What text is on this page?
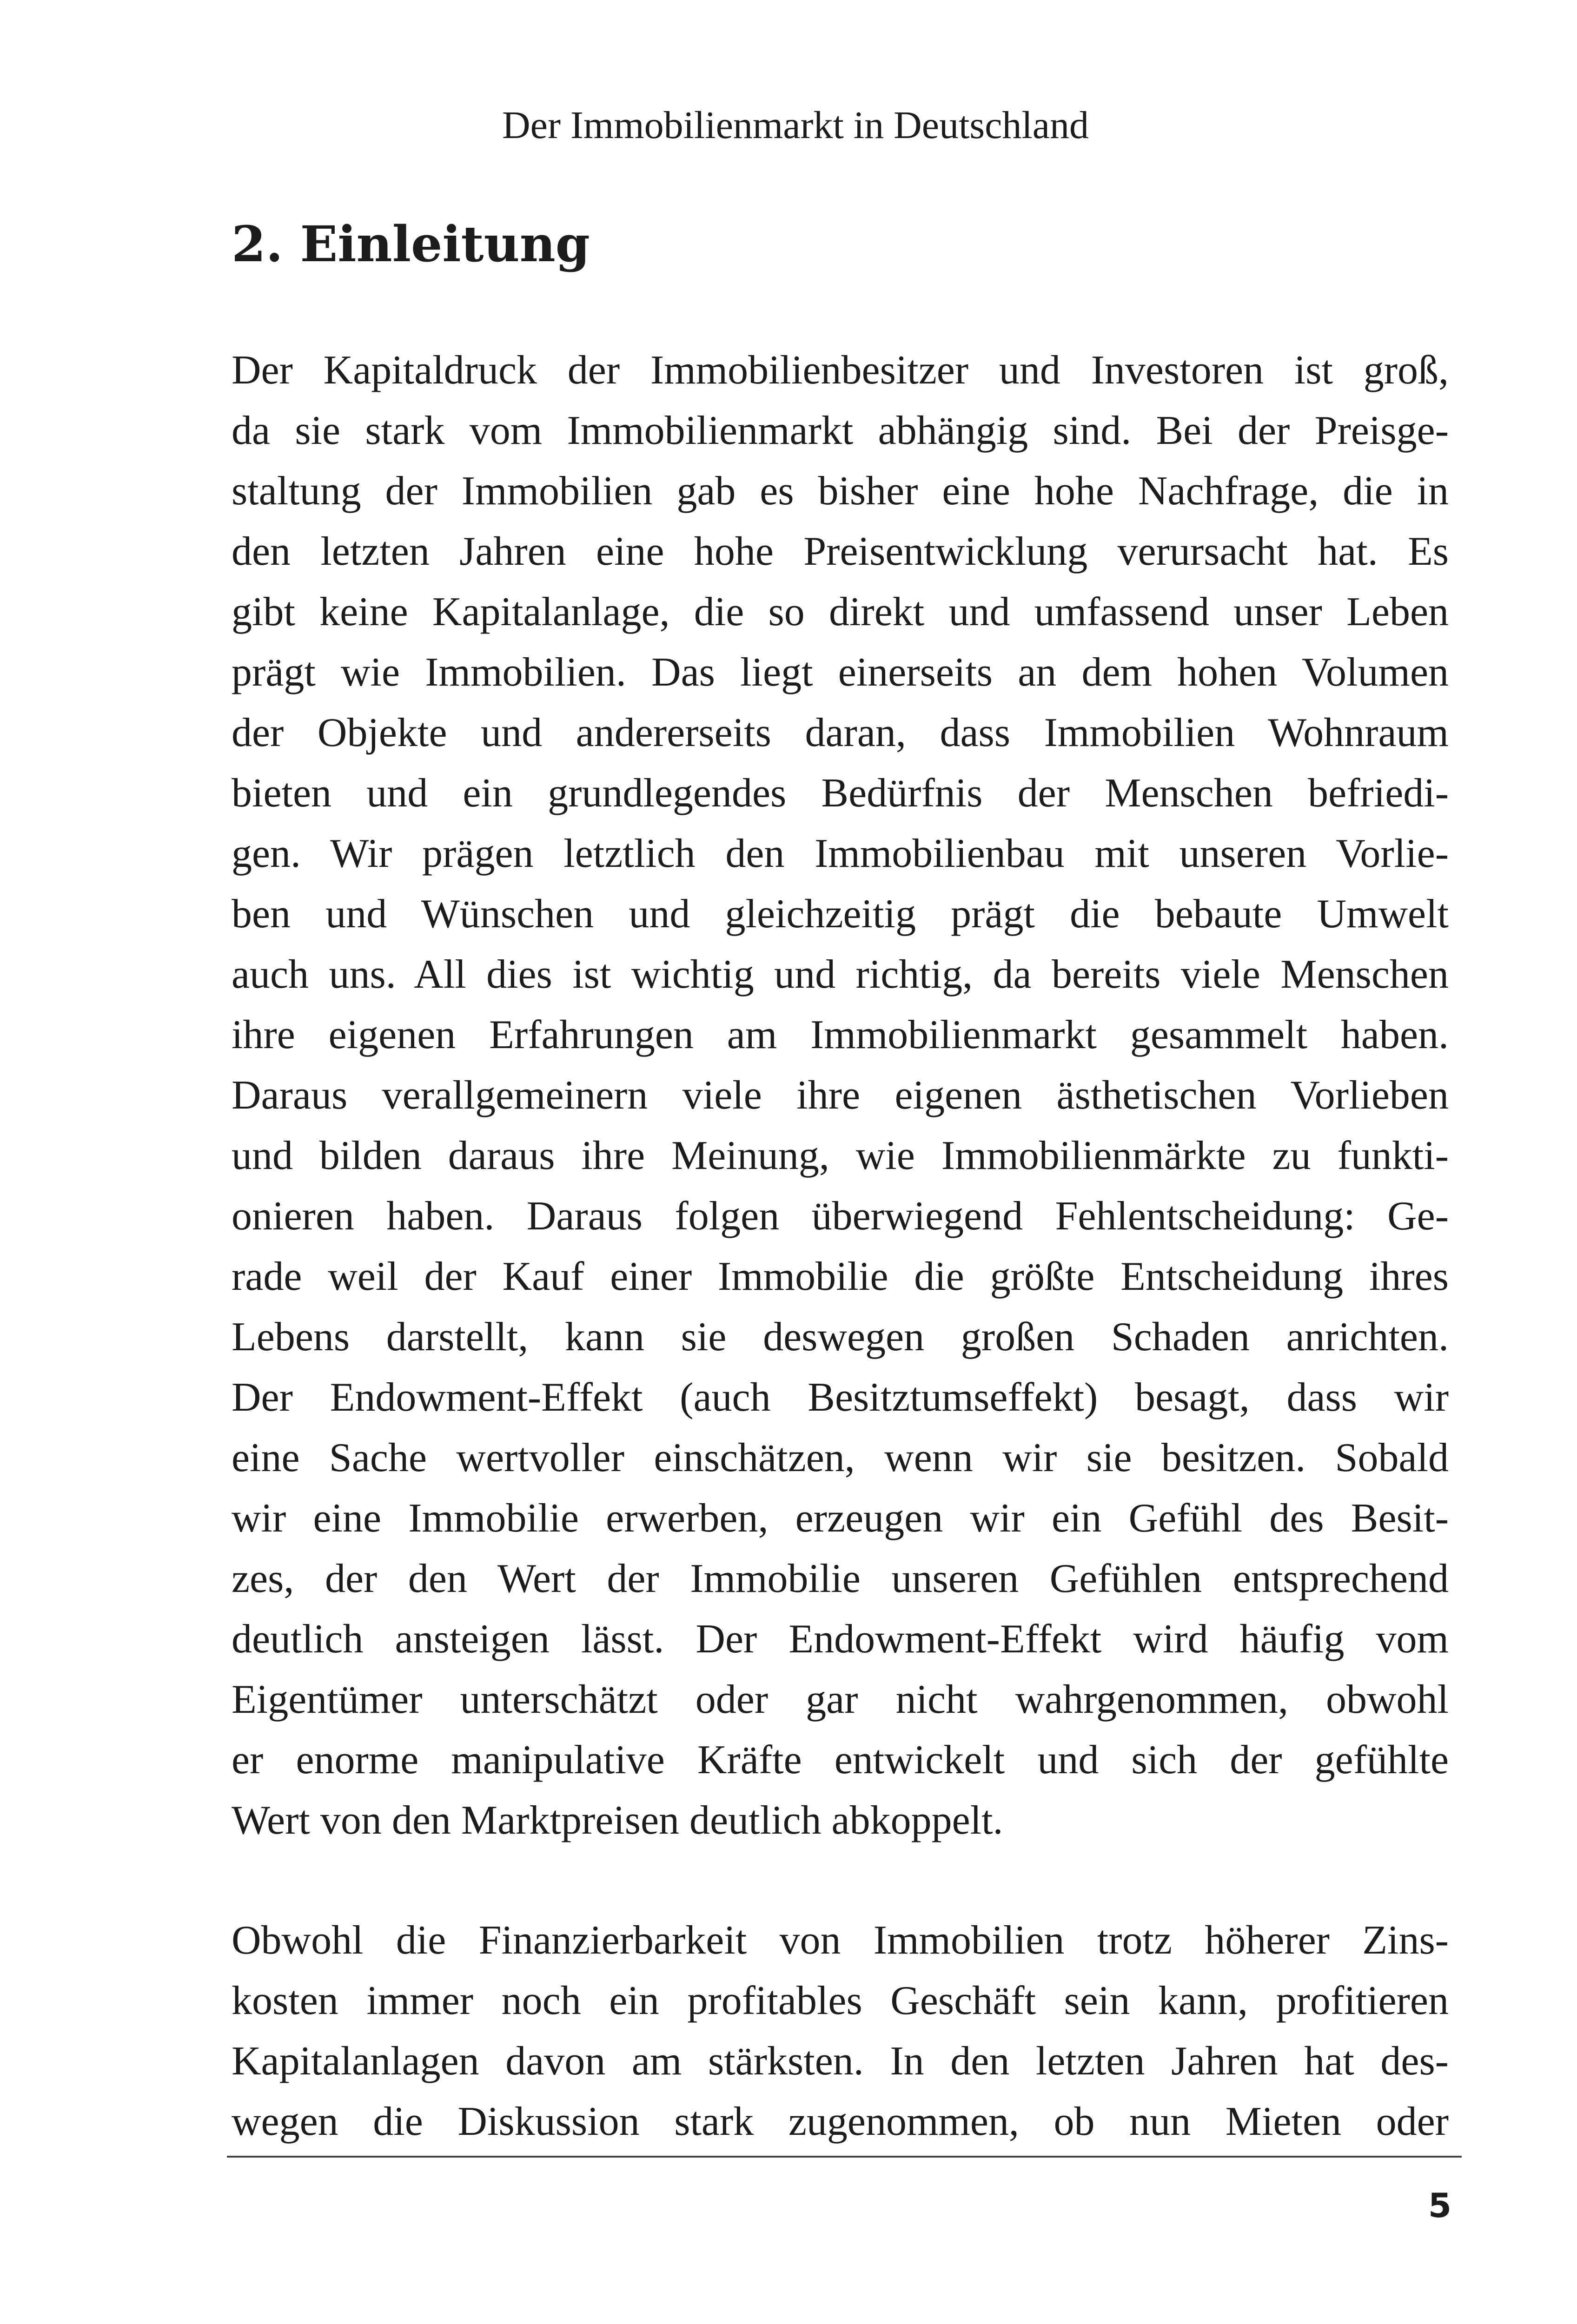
Der Immobilienmarkt in Deutschland
2. Einleitung
Der Kapitaldruck der Immobilienbesitzer und Investoren ist groß,
da sie stark vom Immobilienmarkt abhängig sind. Bei der Preisge-
staltung der Immobilien gab es bisher eine hohe Nachfrage, die in
den letzten Jahren eine hohe Preisentwicklung verursacht hat. Es
gibt keine Kapitalanlage, die so direkt und umfassend unser Leben
prägt wie Immobilien. Das liegt einerseits an dem hohen Volumen
der Objekte und andererseits daran, dass Immobilien Wohnraum
bieten und ein grundlegendes Bedürfnis der Menschen befriedi-
gen. Wir prägen letztlich den Immobilienbau mit unseren Vorlie-
ben und Wünschen und gleichzeitig prägt die bebaute Umwelt
auch uns. All dies ist wichtig und richtig, da bereits viele Menschen
ihre eigenen Erfahrungen am Immobilienmarkt gesammelt haben.
Daraus verallgemeinern viele ihre eigenen ästhetischen Vorlieben
und bilden daraus ihre Meinung, wie Immobilienmärkte zu funkti-
onieren haben. Daraus folgen überwiegend Fehlentscheidung: Ge-
rade weil der Kauf einer Immobilie die größte Entscheidung ihres
Lebens darstellt, kann sie deswegen großen Schaden anrichten.
Der Endowment-Effekt (auch Besitztumseffekt) besagt, dass wir
eine Sache wertvoller einschätzen, wenn wir sie besitzen. Sobald
wir eine Immobilie erwerben, erzeugen wir ein Gefühl des Besit-
zes, der den Wert der Immobilie unseren Gefühlen entsprechend
deutlich ansteigen lässt. Der Endowment-Effekt wird häufig vom
Eigentümer unterschätzt oder gar nicht wahrgenommen, obwohl
er enorme manipulative Kräfte entwickelt und sich der gefühlte
Wert von den Marktpreisen deutlich abkoppelt.
Obwohl die Finanzierbarkeit von Immobilien trotz höherer Zins-
kosten immer noch ein profitables Geschäft sein kann, profitieren
Kapitalanlagen davon am stärksten. In den letzten Jahren hat des-
wegen die Diskussion stark zugenommen, ob nun Mieten oder
5
